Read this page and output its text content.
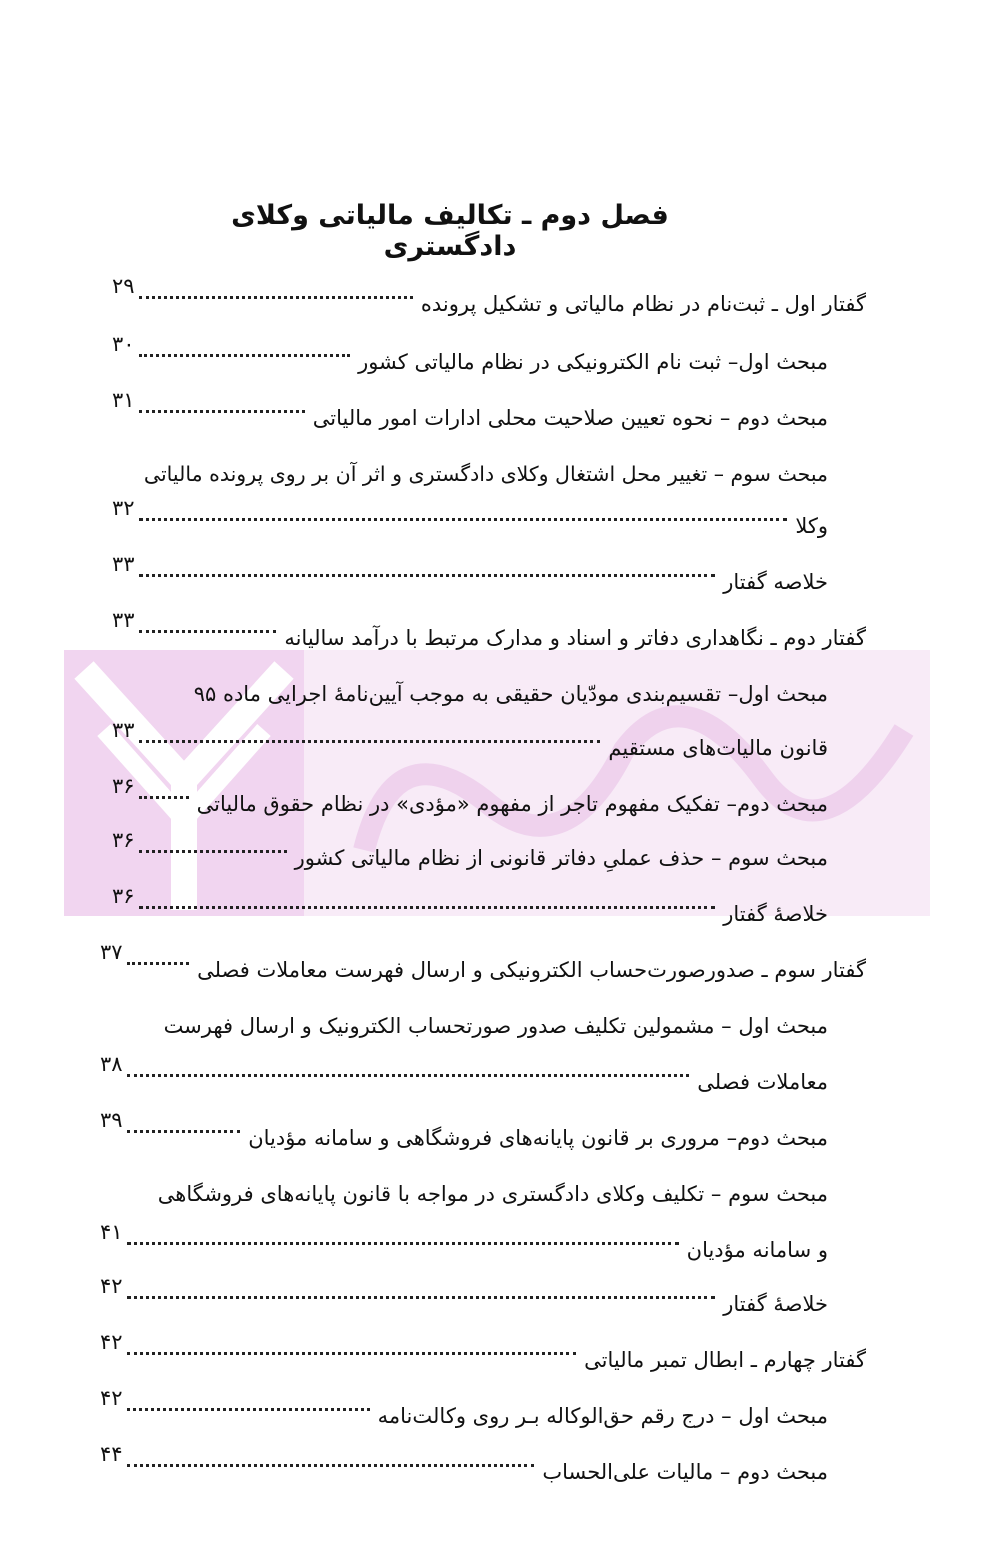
فصل دوم ـ تکالیف مالیاتی وکلای دادگستری
گفتار اول ـ ثبت‌نام در نظام مالیاتی و تشکیل پرونده
۲۹
مبحث اول– ثبت نام الکترونیکی در نظام مالیاتی کشور
۳۰
مبحث دوم – نحوه تعیین صلاحیت محلی ادارات امور مالیاتی
۳۱
مبحث سوم – تغییر محل اشتغال وکلای دادگستری و اثر آن بر روی پرونده مالیاتی
وکلا
۳۲
خلاصه گفتار
۳۳
گفتار دوم ـ نگاهداری دفاتر و اسناد و مدارک مرتبط با درآمد سالیانه
۳۳
مبحث اول– تقسیم‌بندی مودّیان حقیقی به موجب آیین‌نامهٔ اجرایی ماده ۹۵
قانون مالیات‌های مستقیم
۳۳
مبحث دوم– تفکیک مفهوم تاجر از مفهوم «مؤدی» در نظام حقوق مالیاتی
۳۶
مبحث سوم – حذف عملیِ دفاتر قانونی از نظام مالیاتی کشور
۳۶
خلاصهٔ گفتار
۳۶
گفتار سوم ـ صدورصورت‌حساب الکترونیکی و ارسال فهرست معاملات فصلی
۳۷
مبحث اول – مشمولین تکلیف صدور صورتحساب الکترونیک و ارسال فهرست
معاملات فصلی
۳۸
مبحث دوم– مروری بر قانون پایانه‌های فروشگاهی و سامانه مؤدیان
۳۹
مبحث سوم – تکلیف وکلای دادگستری در مواجه با قانون پایانه‌های فروشگاهی
و سامانه مؤدیان
۴۱
خلاصهٔ گفتار
۴۲
گفتار چهارم ـ ابطال تمبر مالیاتی
۴۲
مبحث اول – درج رقم حق‌الوکاله بـر روی وکالت‌نامه
۴۲
مبحث دوم – مالیات علی‌الحساب
۴۴
